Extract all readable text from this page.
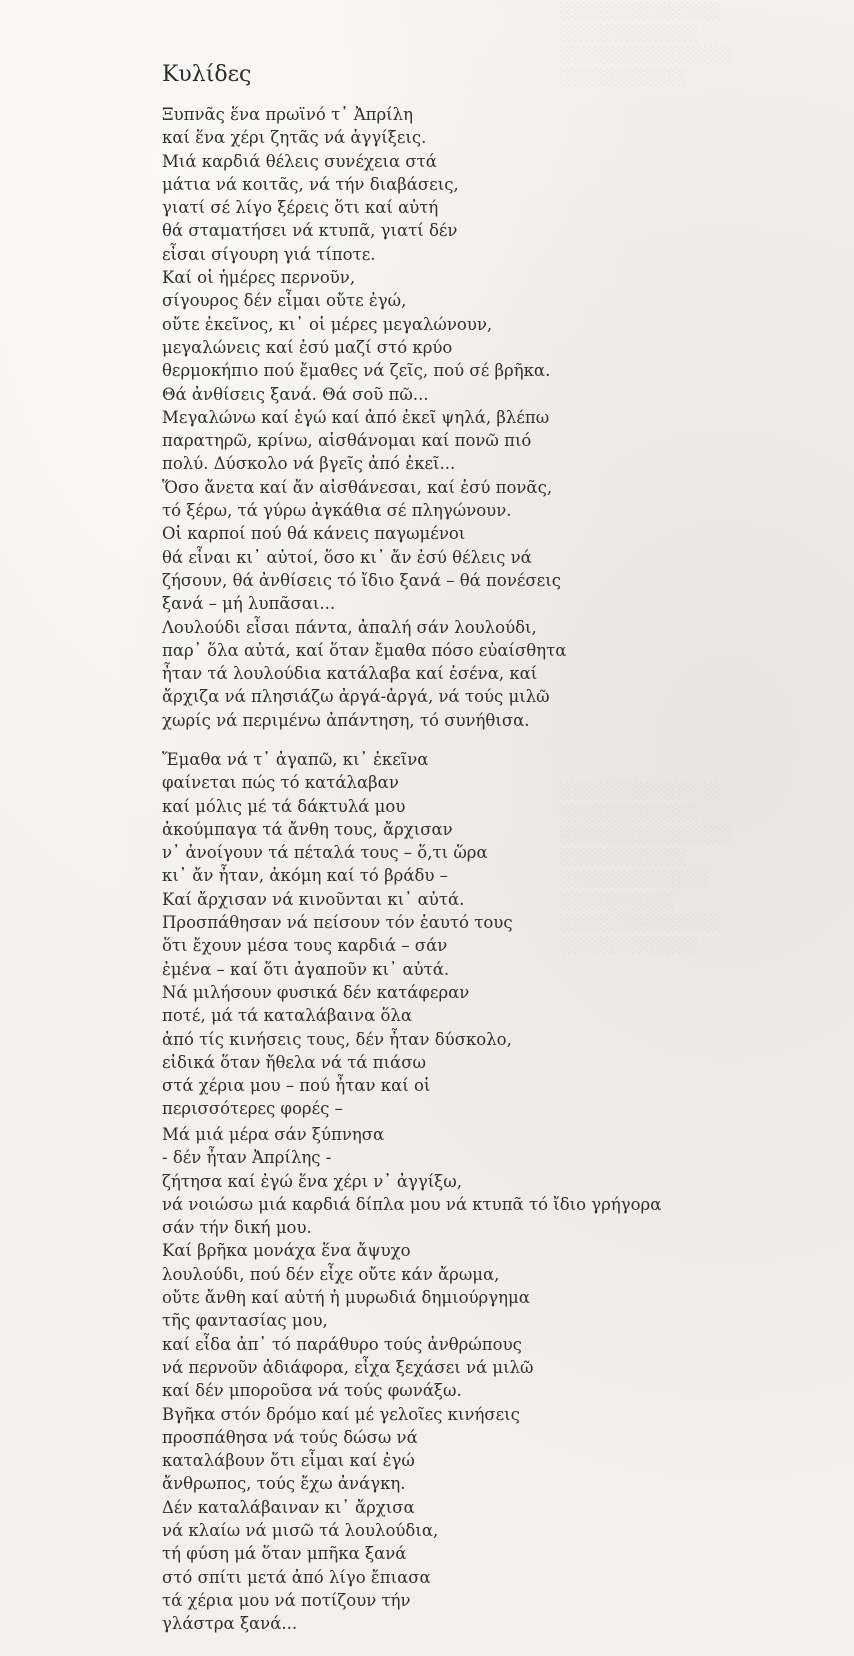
░░░░░░░░░░░░░░
░░░░░░░░░░░░
░░░░░░░░░░░░░░░
░░░░░░░░░░░
░░░░░░░░░░░░░░
░░░░░░░░░░░░
░░░░░░░░░░░░░░░
░░░░░░░░░░░
░░░░░░░░░░░░░
░░░░░░░░░░
░░░░░░░░░░░░░░
░░░░░░░░░░░░
Κυλίδες
Ξυπνᾶς ἕνα πρωϊνό τ᾿ Ἀπρίλη
καί ἕνα χέρι ζητᾶς νά ἀγγίξεις.
Μιά καρδιά θέλεις συνέχεια στά
μάτια νά κοιτᾶς, νά τήν διαβάσεις,
γιατί σέ λίγο ξέρεις ὅτι καί αὐτή
θά σταματήσει νά κτυπᾶ, γιατί δέν
εἶσαι σίγουρη γιά τίποτε.
Καί οἱ ἡμέρες περνοῦν,
σίγουρος δέν εἶμαι οὔτε ἐγώ,
οὔτε ἐκεῖνος, κι᾿ οἱ μέρες μεγαλώνουν,
μεγαλώνεις καί ἐσύ μαζί στό κρύο
θερμοκήπιο πού ἔμαθες νά ζεῖς, πού σέ βρῆκα.
Θά ἀνθίσεις ξανά. Θά σοῦ πῶ...
Μεγαλώνω καί ἐγώ καί ἀπό ἐκεῖ ψηλά, βλέπω
παρατηρῶ, κρίνω, αἰσθάνομαι καί πονῶ πιό
πολύ. Δύσκολο νά βγεῖς ἀπό ἐκεῖ...
Ὅσο ἄνετα καί ἄν αἰσθάνεσαι, καί ἐσύ πονᾶς,
τό ξέρω, τά γύρω ἀγκάθια σέ πληγώνουν.
Οἱ καρποί πού θά κάνεις παγωμένοι
θά εἶναι κι᾿ αὐτοί, ὅσο κι᾿ ἄν ἐσύ θέλεις νά
ζήσουν, θά ἀνθίσεις τό ἴδιο ξανά – θά πονέσεις
ξανά – μή λυπᾶσαι...
Λουλούδι εἶσαι πάντα, ἀπαλή σάν λουλούδι,
παρ᾿ ὅλα αὐτά, καί ὅταν ἔμαθα πόσο εὐαίσθητα
ἦταν τά λουλούδια κατάλαβα καί ἐσένα, καί
ἄρχιζα νά πλησιάζω ἀργά-ἀργά, νά τούς μιλῶ
χωρίς νά περιμένω ἀπάντηση, τό συνήθισα.
Ἔμαθα νά τ᾿ ἀγαπῶ, κι᾿ ἐκεῖνα
φαίνεται πώς τό κατάλαβαν
καί μόλις μέ τά δάκτυλά μου
ἀκούμπαγα τά ἄνθη τους, ἄρχισαν
ν᾿ ἀνοίγουν τά πέταλά τους – ὅ,τι ὥρα
κι᾿ ἄν ἦταν, ἀκόμη καί τό βράδυ –
Καί ἄρχισαν νά κινοῦνται κι᾿ αὐτά.
Προσπάθησαν νά πείσουν τόν ἑαυτό τους
ὅτι ἔχουν μέσα τους καρδιά – σάν
ἐμένα – καί ὅτι ἀγαποῦν κι᾿ αὐτά.
Νά μιλήσουν φυσικά δέν κατάφεραν
ποτέ, μά τά καταλάβαινα ὅλα
ἀπό τίς κινήσεις τους, δέν ἦταν δύσκολο,
εἰδικά ὅταν ἤθελα νά τά πιάσω
στά χέρια μου – πού ἦταν καί οἱ
περισσότερες φορές –
Μά μιά μέρα σάν ξύπνησα
- δέν ἦταν Ἀπρίλης -
ζήτησα καί ἐγώ ἕνα χέρι ν᾿ ἀγγίξω,
νά νοιώσω μιά καρδιά δίπλα μου νά κτυπᾶ τό ἴδιο γρήγορα
σάν τήν δική μου.
Καί βρῆκα μονάχα ἕνα ἄψυχο
λουλούδι, πού δέν εἶχε οὔτε κάν ἄρωμα,
οὔτε ἄνθη καί αὐτή ἡ μυρωδιά δημιούργημα
τῆς φαντασίας μου,
καί εἶδα ἀπ᾿ τό παράθυρο τούς ἀνθρώπους
νά περνοῦν ἀδιάφορα, εἶχα ξεχάσει νά μιλῶ
καί δέν μποροῦσα νά τούς φωνάξω.
Βγῆκα στόν δρόμο καί μέ γελοῖες κινήσεις
προσπάθησα νά τούς δώσω νά
καταλάβουν ὅτι εἶμαι καί ἐγώ
ἄνθρωπος, τούς ἔχω ἀνάγκη.
Δέν καταλάβαιναν κι᾿ ἄρχισα
νά κλαίω νά μισῶ τά λουλούδια,
τή φύση μά ὅταν μπῆκα ξανά
στό σπίτι μετά ἀπό λίγο ἔπιασα
τά χέρια μου νά ποτίζουν τήν
γλάστρα ξανά...
